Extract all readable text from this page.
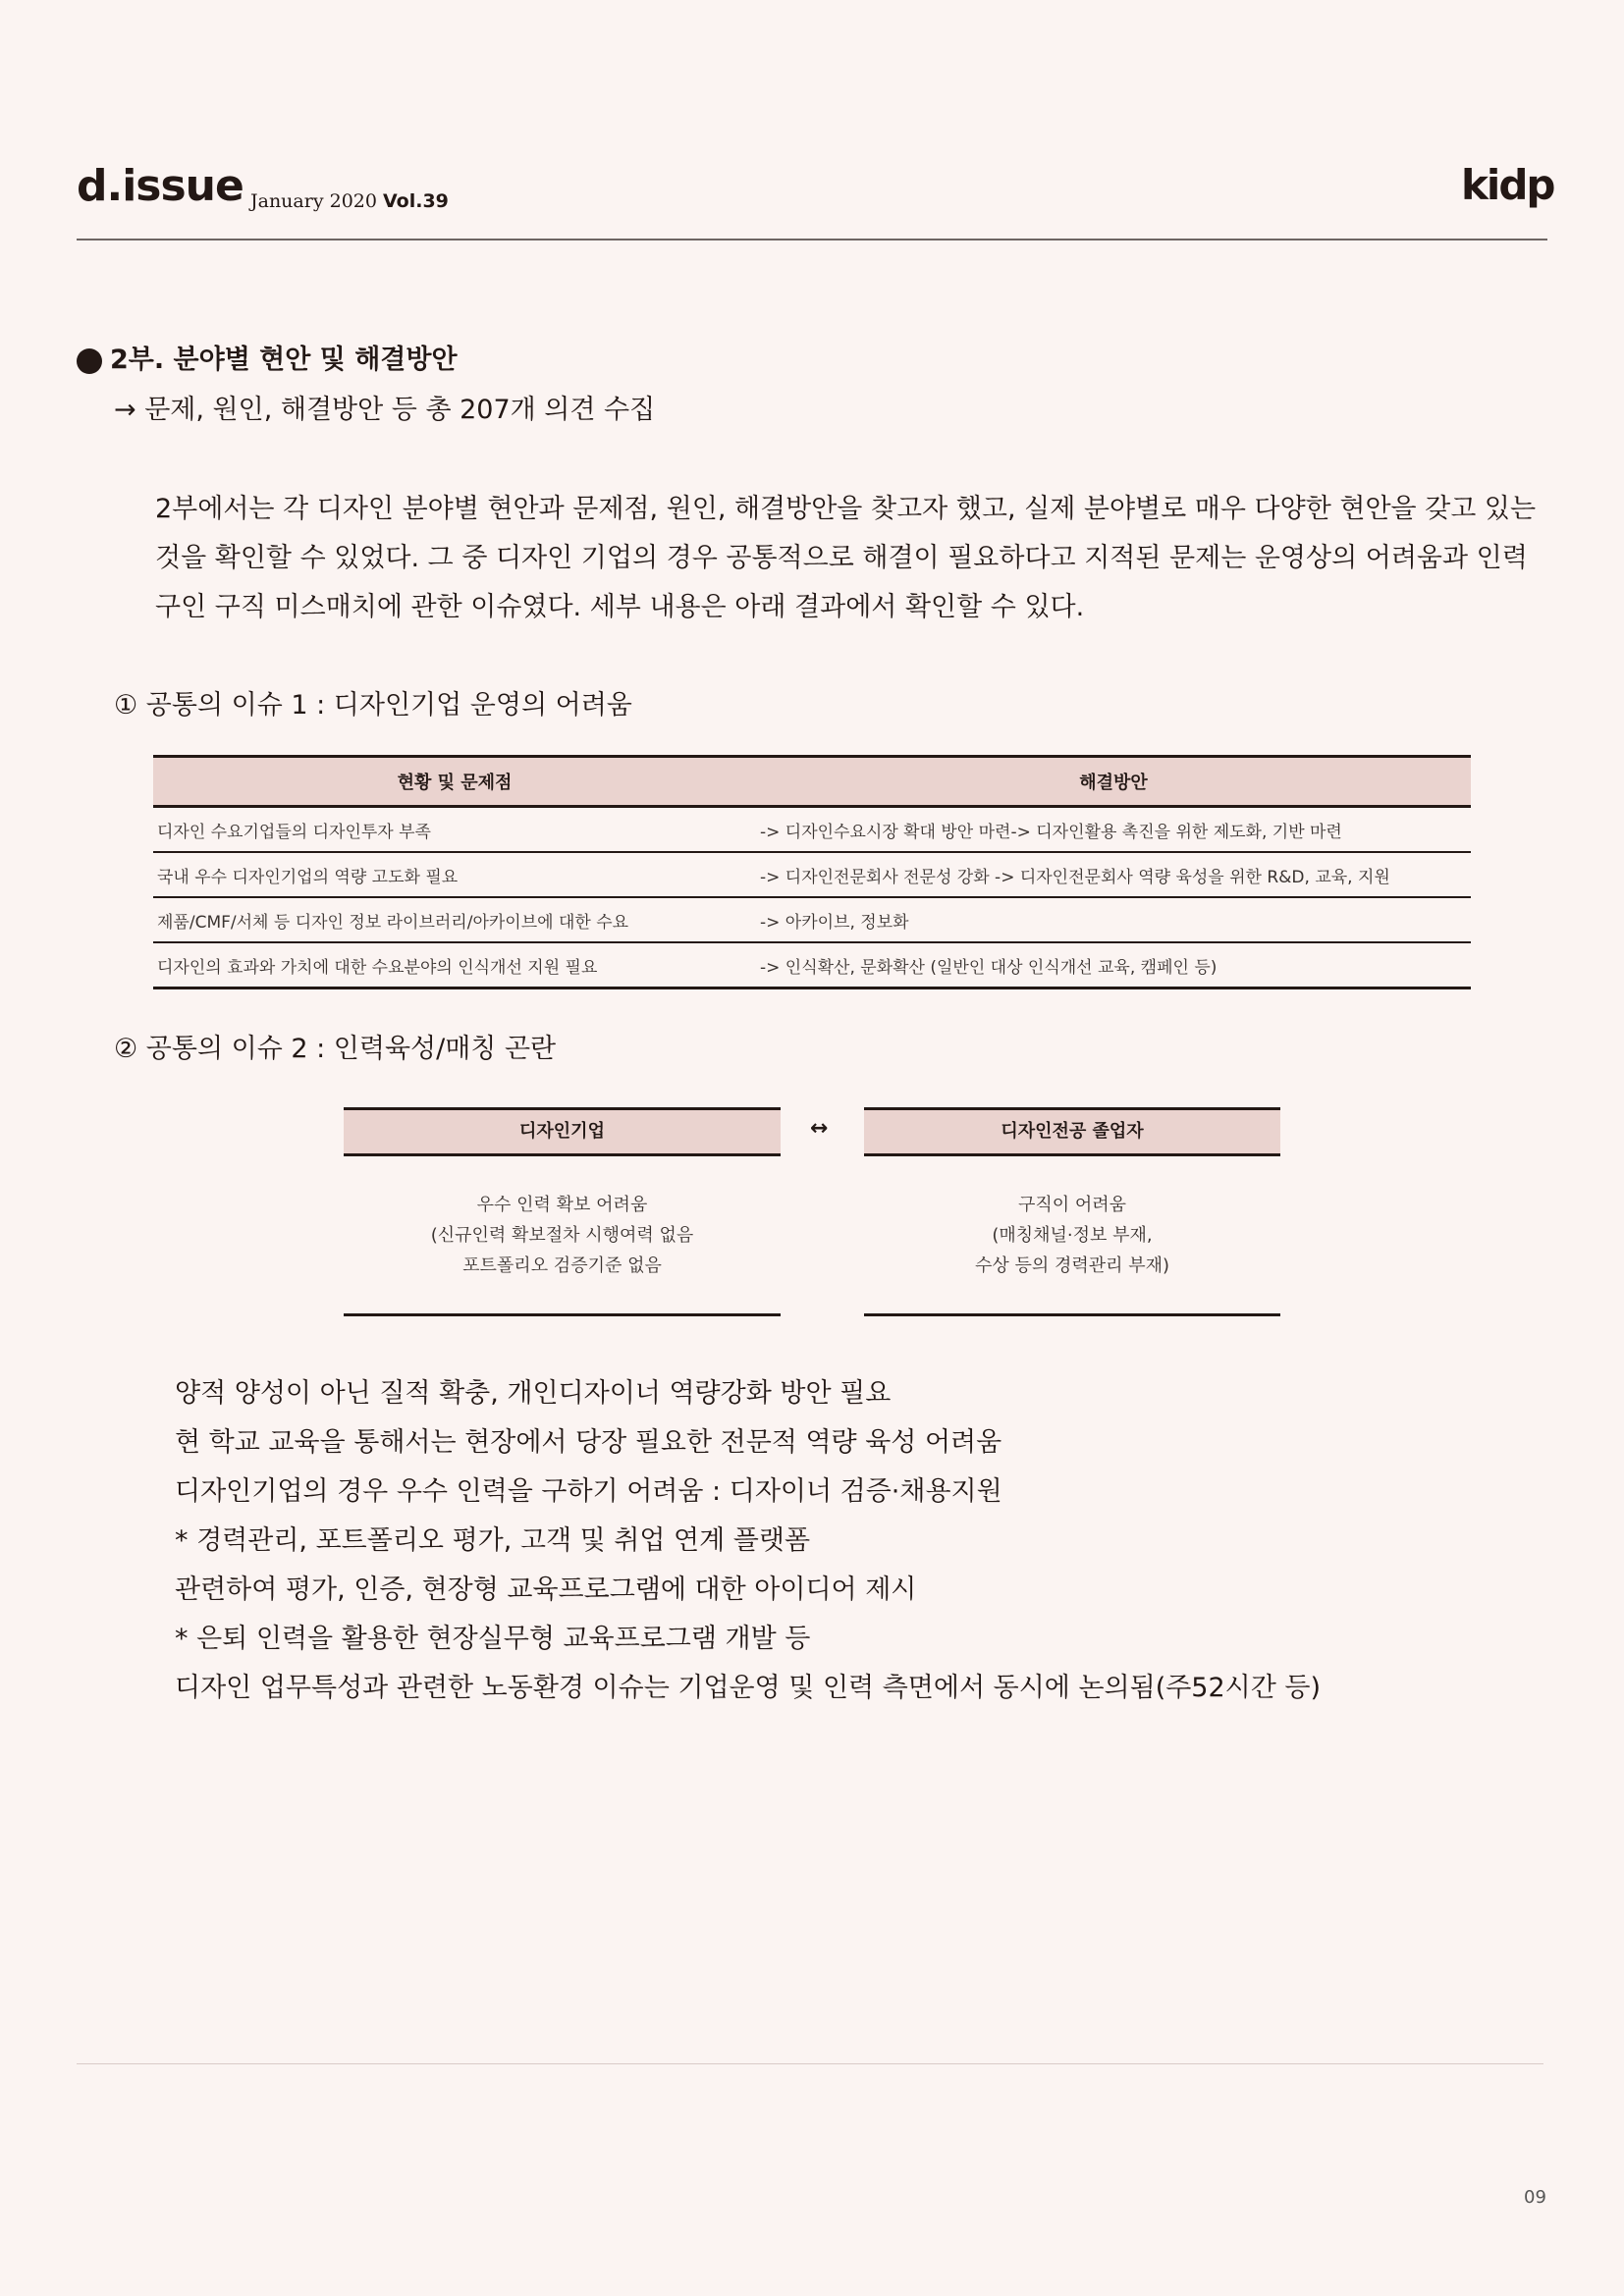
d.issue January 2020 Vol.39	kidp
2부. 분야별 현안 및 해결방안
→ 문제, 원인, 해결방안 등 총 207개 의견 수집
2부에서는 각 디자인 분야별 현안과 문제점, 원인, 해결방안을 찾고자 했고, 실제 분야별로 매우 다양한 현안을 갖고 있는 것을 확인할 수 있었다. 그 중 디자인 기업의 경우 공통적으로 해결이 필요하다고 지적된 문제는 운영상의 어려움과 인력 구인 구직 미스매치에 관한 이슈였다. 세부 내용은 아래 결과에서 확인할 수 있다.
① 공통의 이슈 1 : 디자인기업 운영의 어려움
현황 및 문제점	해결방안
디자인 수요기업들의 디자인투자 부족	-> 디자인수요시장 확대 방안 마련-> 디자인활용 촉진을 위한 제도화, 기반 마련
국내 우수 디자인기업의 역량 고도화 필요	-> 디자인전문회사 전문성 강화 -> 디자인전문회사 역량 육성을 위한 R&D, 교육, 지원
제품/CMF/서체 등 디자인 정보 라이브러리/아카이브에 대한 수요	-> 아카이브, 정보화
디자인의 효과와 가치에 대한 수요분야의 인식개선 지원 필요	-> 인식확산, 문화확산 (일반인 대상 인식개선 교육, 캠페인 등)
② 공통의 이슈 2 : 인력육성/매칭 곤란
디자인기업	↔	디자인전공 졸업자
우수 인력 확보 어려움
(신규인력 확보절차 시행여력 없음
포트폴리오 검증기준 없음
구직이 어려움
(매칭채널·정보 부재,
수상 등의 경력관리 부재)
양적 양성이 아닌 질적 확충, 개인디자이너 역량강화 방안 필요
현 학교 교육을 통해서는 현장에서 당장 필요한 전문적 역량 육성 어려움
디자인기업의 경우 우수 인력을 구하기 어려움 : 디자이너 검증·채용지원
* 경력관리, 포트폴리오 평가, 고객 및 취업 연계 플랫폼
관련하여 평가, 인증, 현장형 교육프로그램에 대한 아이디어 제시
* 은퇴 인력을 활용한 현장실무형 교육프로그램 개발 등
디자인 업무특성과 관련한 노동환경 이슈는 기업운영 및 인력 측면에서 동시에 논의됨(주52시간 등)
09
